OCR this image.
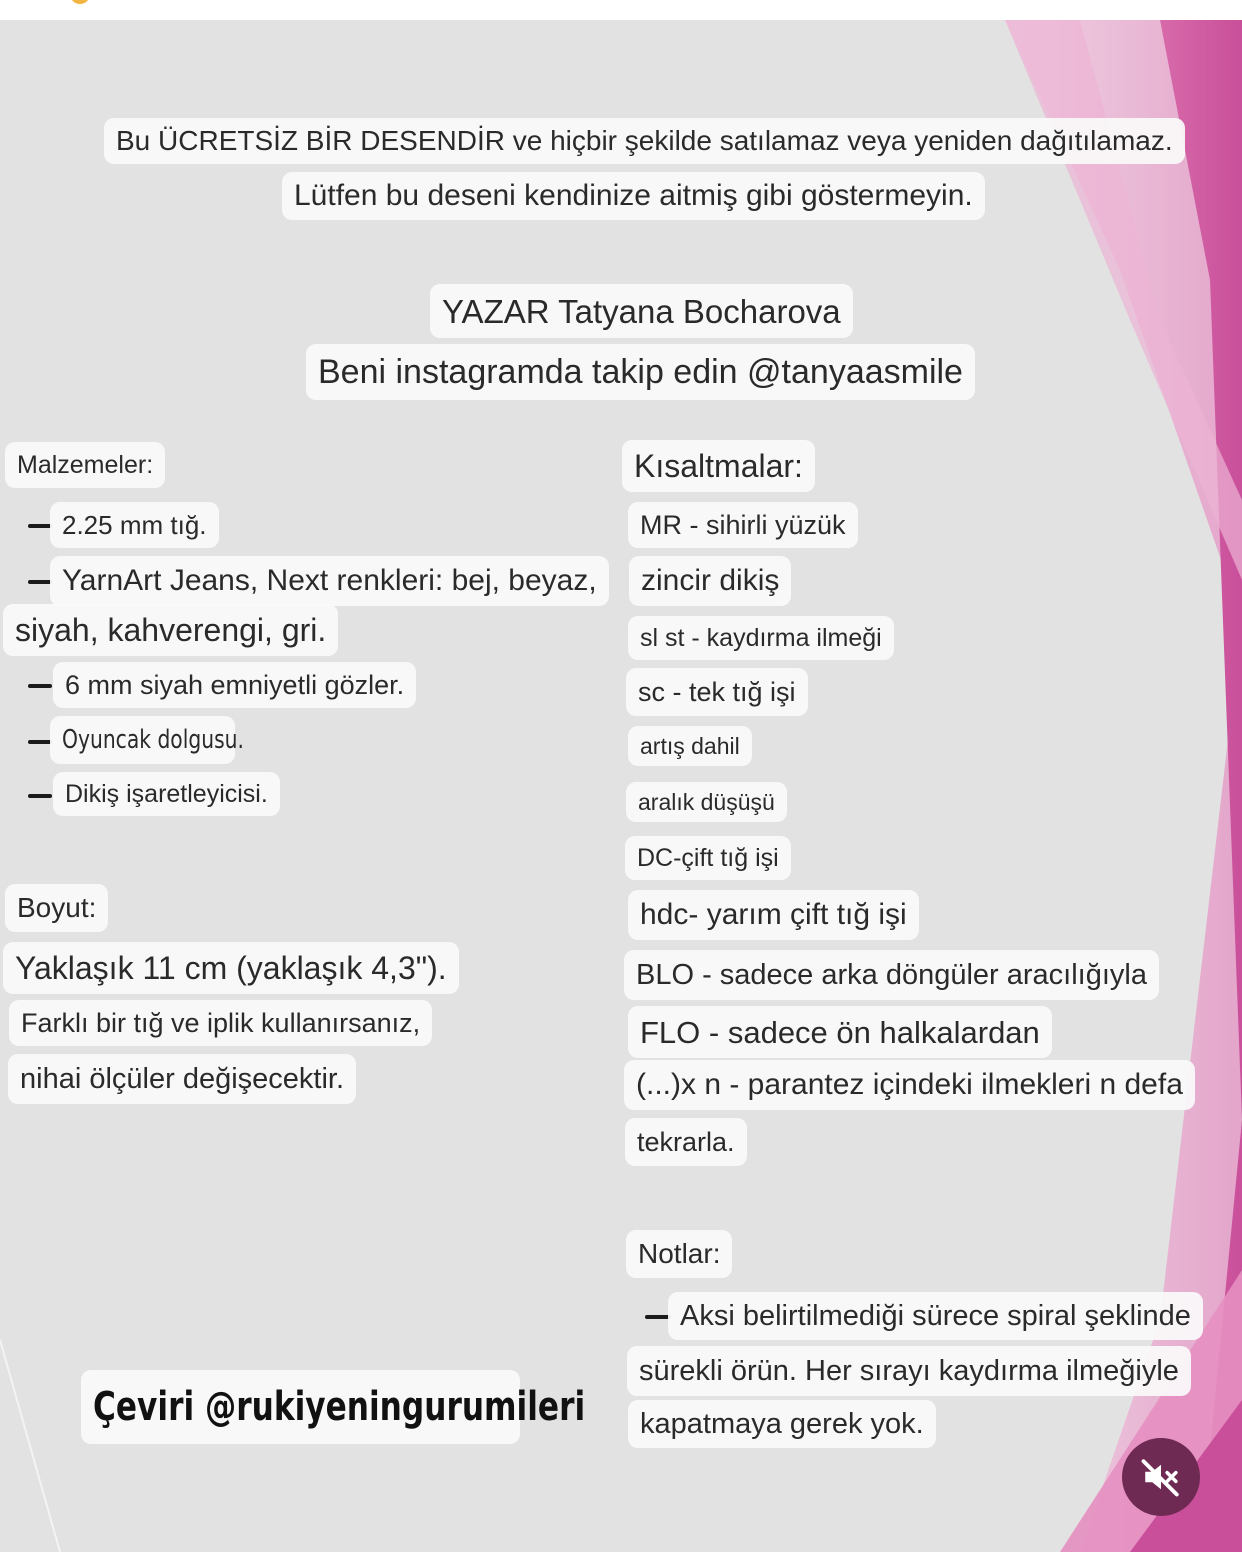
Bu ÜCRETSİZ BİR DESENDİR ve hiçbir şekilde satılamaz veya yeniden dağıtılamaz.
Lütfen bu deseni kendinize aitmiş gibi göstermeyin.
YAZAR Tatyana Bocharova
Beni instagramda takip edin @tanyaasmile
Malzemeler:
2.25 mm tığ.
YarnArt Jeans, Next renkleri: bej, beyaz,
siyah, kahverengi, gri.
6 mm siyah emniyetli gözler.
Oyuncak dolgusu.
Dikiş işaretleyicisi.
Boyut:
Yaklaşık 11 cm (yaklaşık 4,3").
Farklı bir tığ ve iplik kullanırsanız,
nihai ölçüler değişecektir.
Kısaltmalar:
MR - sihirli yüzük
zincir dikiş
sl st - kaydırma ilmeği
sc - tek tığ işi
artış dahil
aralık düşüşü
DC-çift tığ işi
hdc- yarım çift tığ işi
BLO - sadece arka döngüler aracılığıyla
FLO - sadece ön halkalardan
(...)x n - parantez içindeki ilmekleri n defa
tekrarla.
Notlar:
Aksi belirtilmediği sürece spiral şeklinde
sürekli örün. Her sırayı kaydırma ilmeğiyle
kapatmaya gerek yok.
Çeviri @rukiyeningurumileri
